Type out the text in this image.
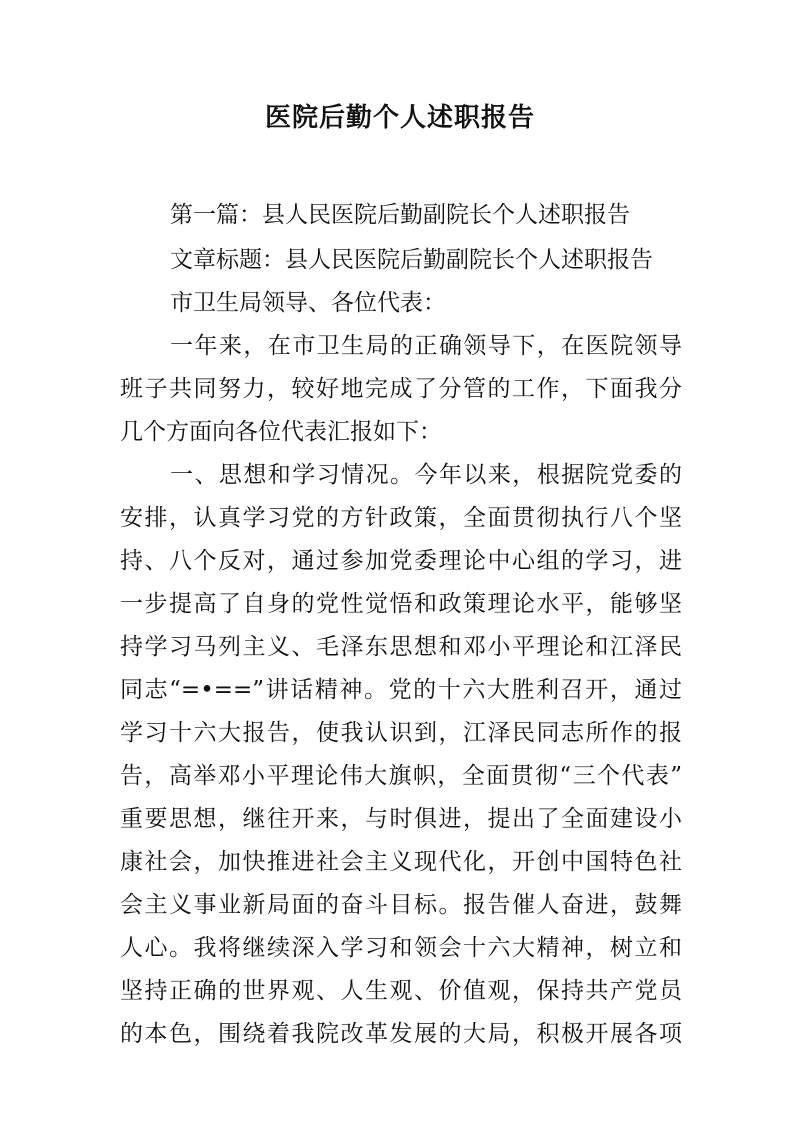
医院后勤个人述职报告
第一篇：县人民医院后勤副院长个人述职报告
文章标题：县人民医院后勤副院长个人述职报告
市卫生局领导、各位代表：
一年来，在市卫生局的正确领导下，在医院领导
班子共同努力，较好地完成了分管的工作，下面我分
几个方面向各位代表汇报如下：
一、思想和学习情况。今年以来，根据院党委的
安排，认真学习党的方针政策，全面贯彻执行八个坚
持、八个反对，通过参加党委理论中心组的学习，进
一步提高了自身的党性觉悟和政策理论水平，能够坚
持学习马列主义、毛泽东思想和邓小平理论和江泽民
同志“=•==”讲话精神。党的十六大胜利召开，通过
学习十六大报告，使我认识到，江泽民同志所作的报
告，高举邓小平理论伟大旗帜，全面贯彻“三个代表”
重要思想，继往开来，与时俱进，提出了全面建设小
康社会，加快推进社会主义现代化，开创中国特色社
会主义事业新局面的奋斗目标。报告催人奋进，鼓舞
人心。我将继续深入学习和领会十六大精神，树立和
坚持正确的世界观、人生观、价值观，保持共产党员
的本色，围绕着我院改革发展的大局，积极开展各项
